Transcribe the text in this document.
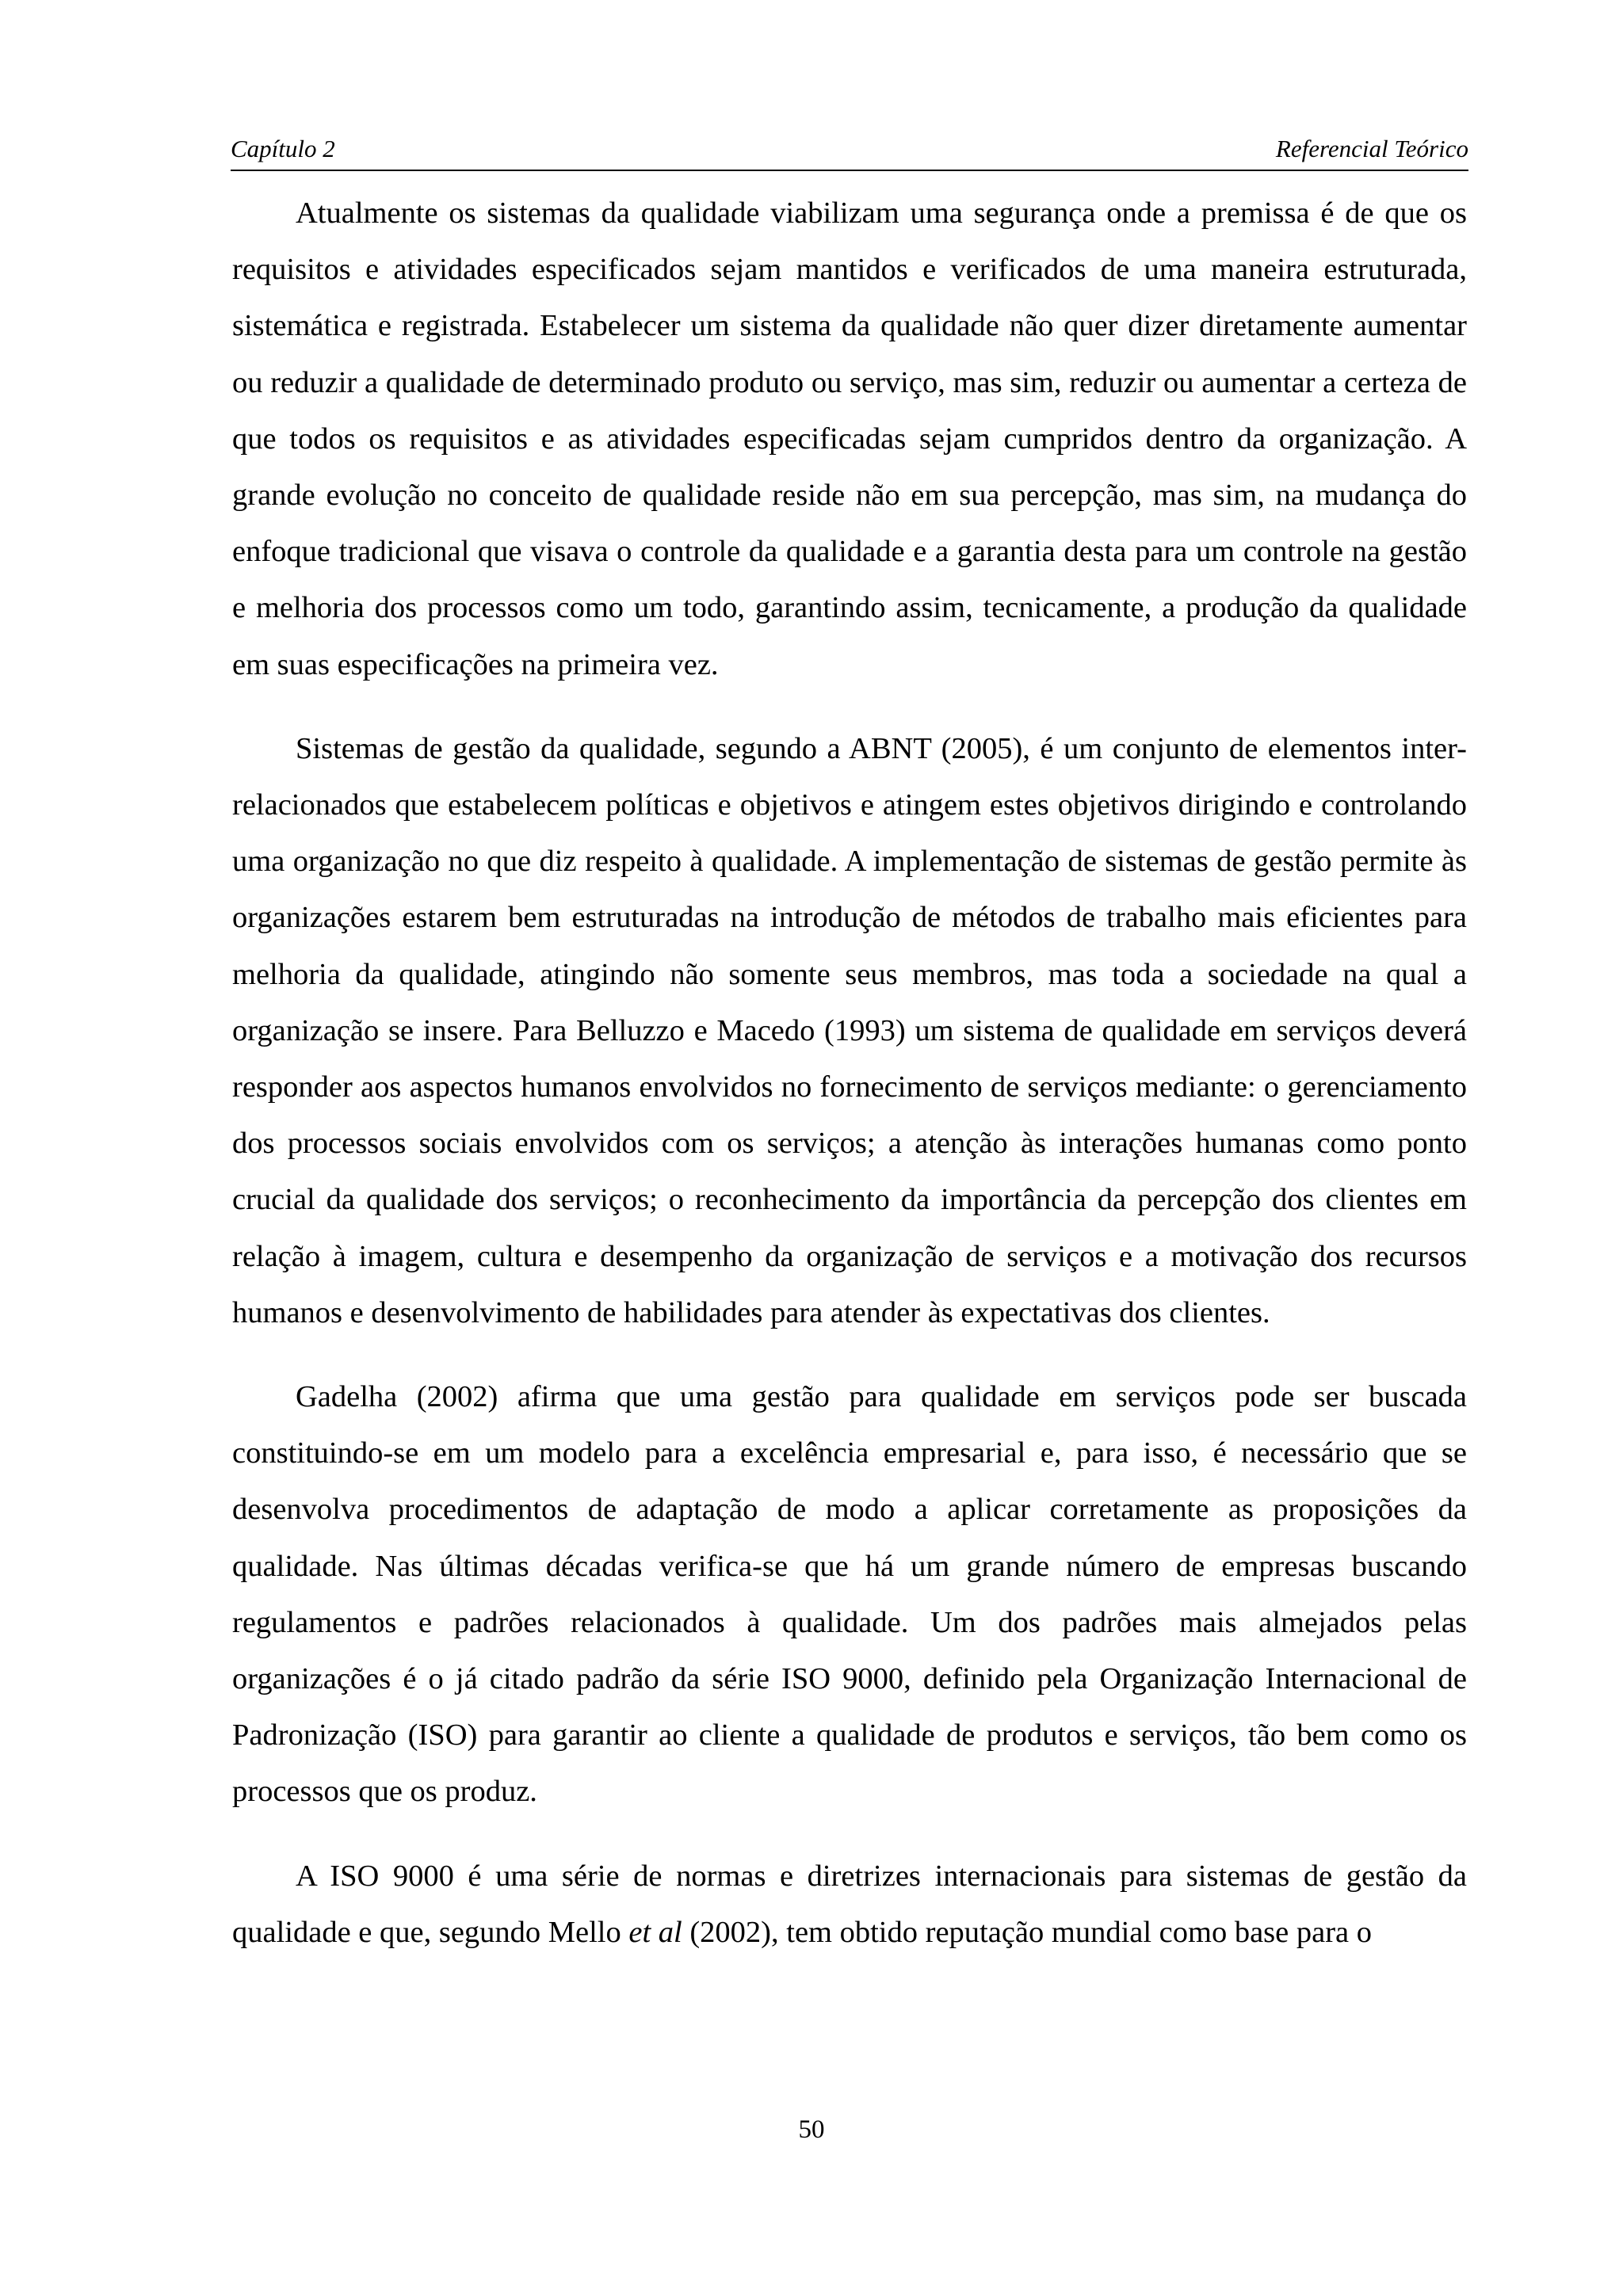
Capítulo 2	Referencial Teórico

Atualmente os sistemas da qualidade viabilizam uma segurança onde a premissa é de que os requisitos e atividades especificados sejam mantidos e verificados de uma maneira estruturada, sistemática e registrada. Estabelecer um sistema da qualidade não quer dizer diretamente aumentar ou reduzir a qualidade de determinado produto ou serviço, mas sim, reduzir ou aumentar a certeza de que todos os requisitos e as atividades especificadas sejam cumpridos dentro da organização. A grande evolução no conceito de qualidade reside não em sua percepção, mas sim, na mudança do enfoque tradicional que visava o controle da qualidade e a garantia desta para um controle na gestão e melhoria dos processos como um todo, garantindo assim, tecnicamente, a produção da qualidade em suas especificações na primeira vez.

Sistemas de gestão da qualidade, segundo a ABNT (2005), é um conjunto de elementos inter-relacionados que estabelecem políticas e objetivos e atingem estes objetivos dirigindo e controlando uma organização no que diz respeito à qualidade. A implementação de sistemas de gestão permite às organizações estarem bem estruturadas na introdução de métodos de trabalho mais eficientes para melhoria da qualidade, atingindo não somente seus membros, mas toda a sociedade na qual a organização se insere. Para Belluzzo e Macedo (1993) um sistema de qualidade em serviços deverá responder aos aspectos humanos envolvidos no fornecimento de serviços mediante: o gerenciamento dos processos sociais envolvidos com os serviços; a atenção às interações humanas como ponto crucial da qualidade dos serviços; o reconhecimento da importância da percepção dos clientes em relação à imagem, cultura e desempenho da organização de serviços e a motivação dos recursos humanos e desenvolvimento de habilidades para atender às expectativas dos clientes.

Gadelha (2002) afirma que uma gestão para qualidade em serviços pode ser buscada constituindo-se em um modelo para a excelência empresarial e, para isso, é necessário que se desenvolva procedimentos de adaptação de modo a aplicar corretamente as proposições da qualidade. Nas últimas décadas verifica-se que há um grande número de empresas buscando regulamentos e padrões relacionados à qualidade. Um dos padrões mais almejados pelas organizações é o já citado padrão da série ISO 9000, definido pela Organização Internacional de Padronização (ISO) para garantir ao cliente a qualidade de produtos e serviços, tão bem como os processos que os produz.

A ISO 9000 é uma série de normas e diretrizes internacionais para sistemas de gestão da qualidade e que, segundo Mello et al (2002), tem obtido reputação mundial como base para o

50
